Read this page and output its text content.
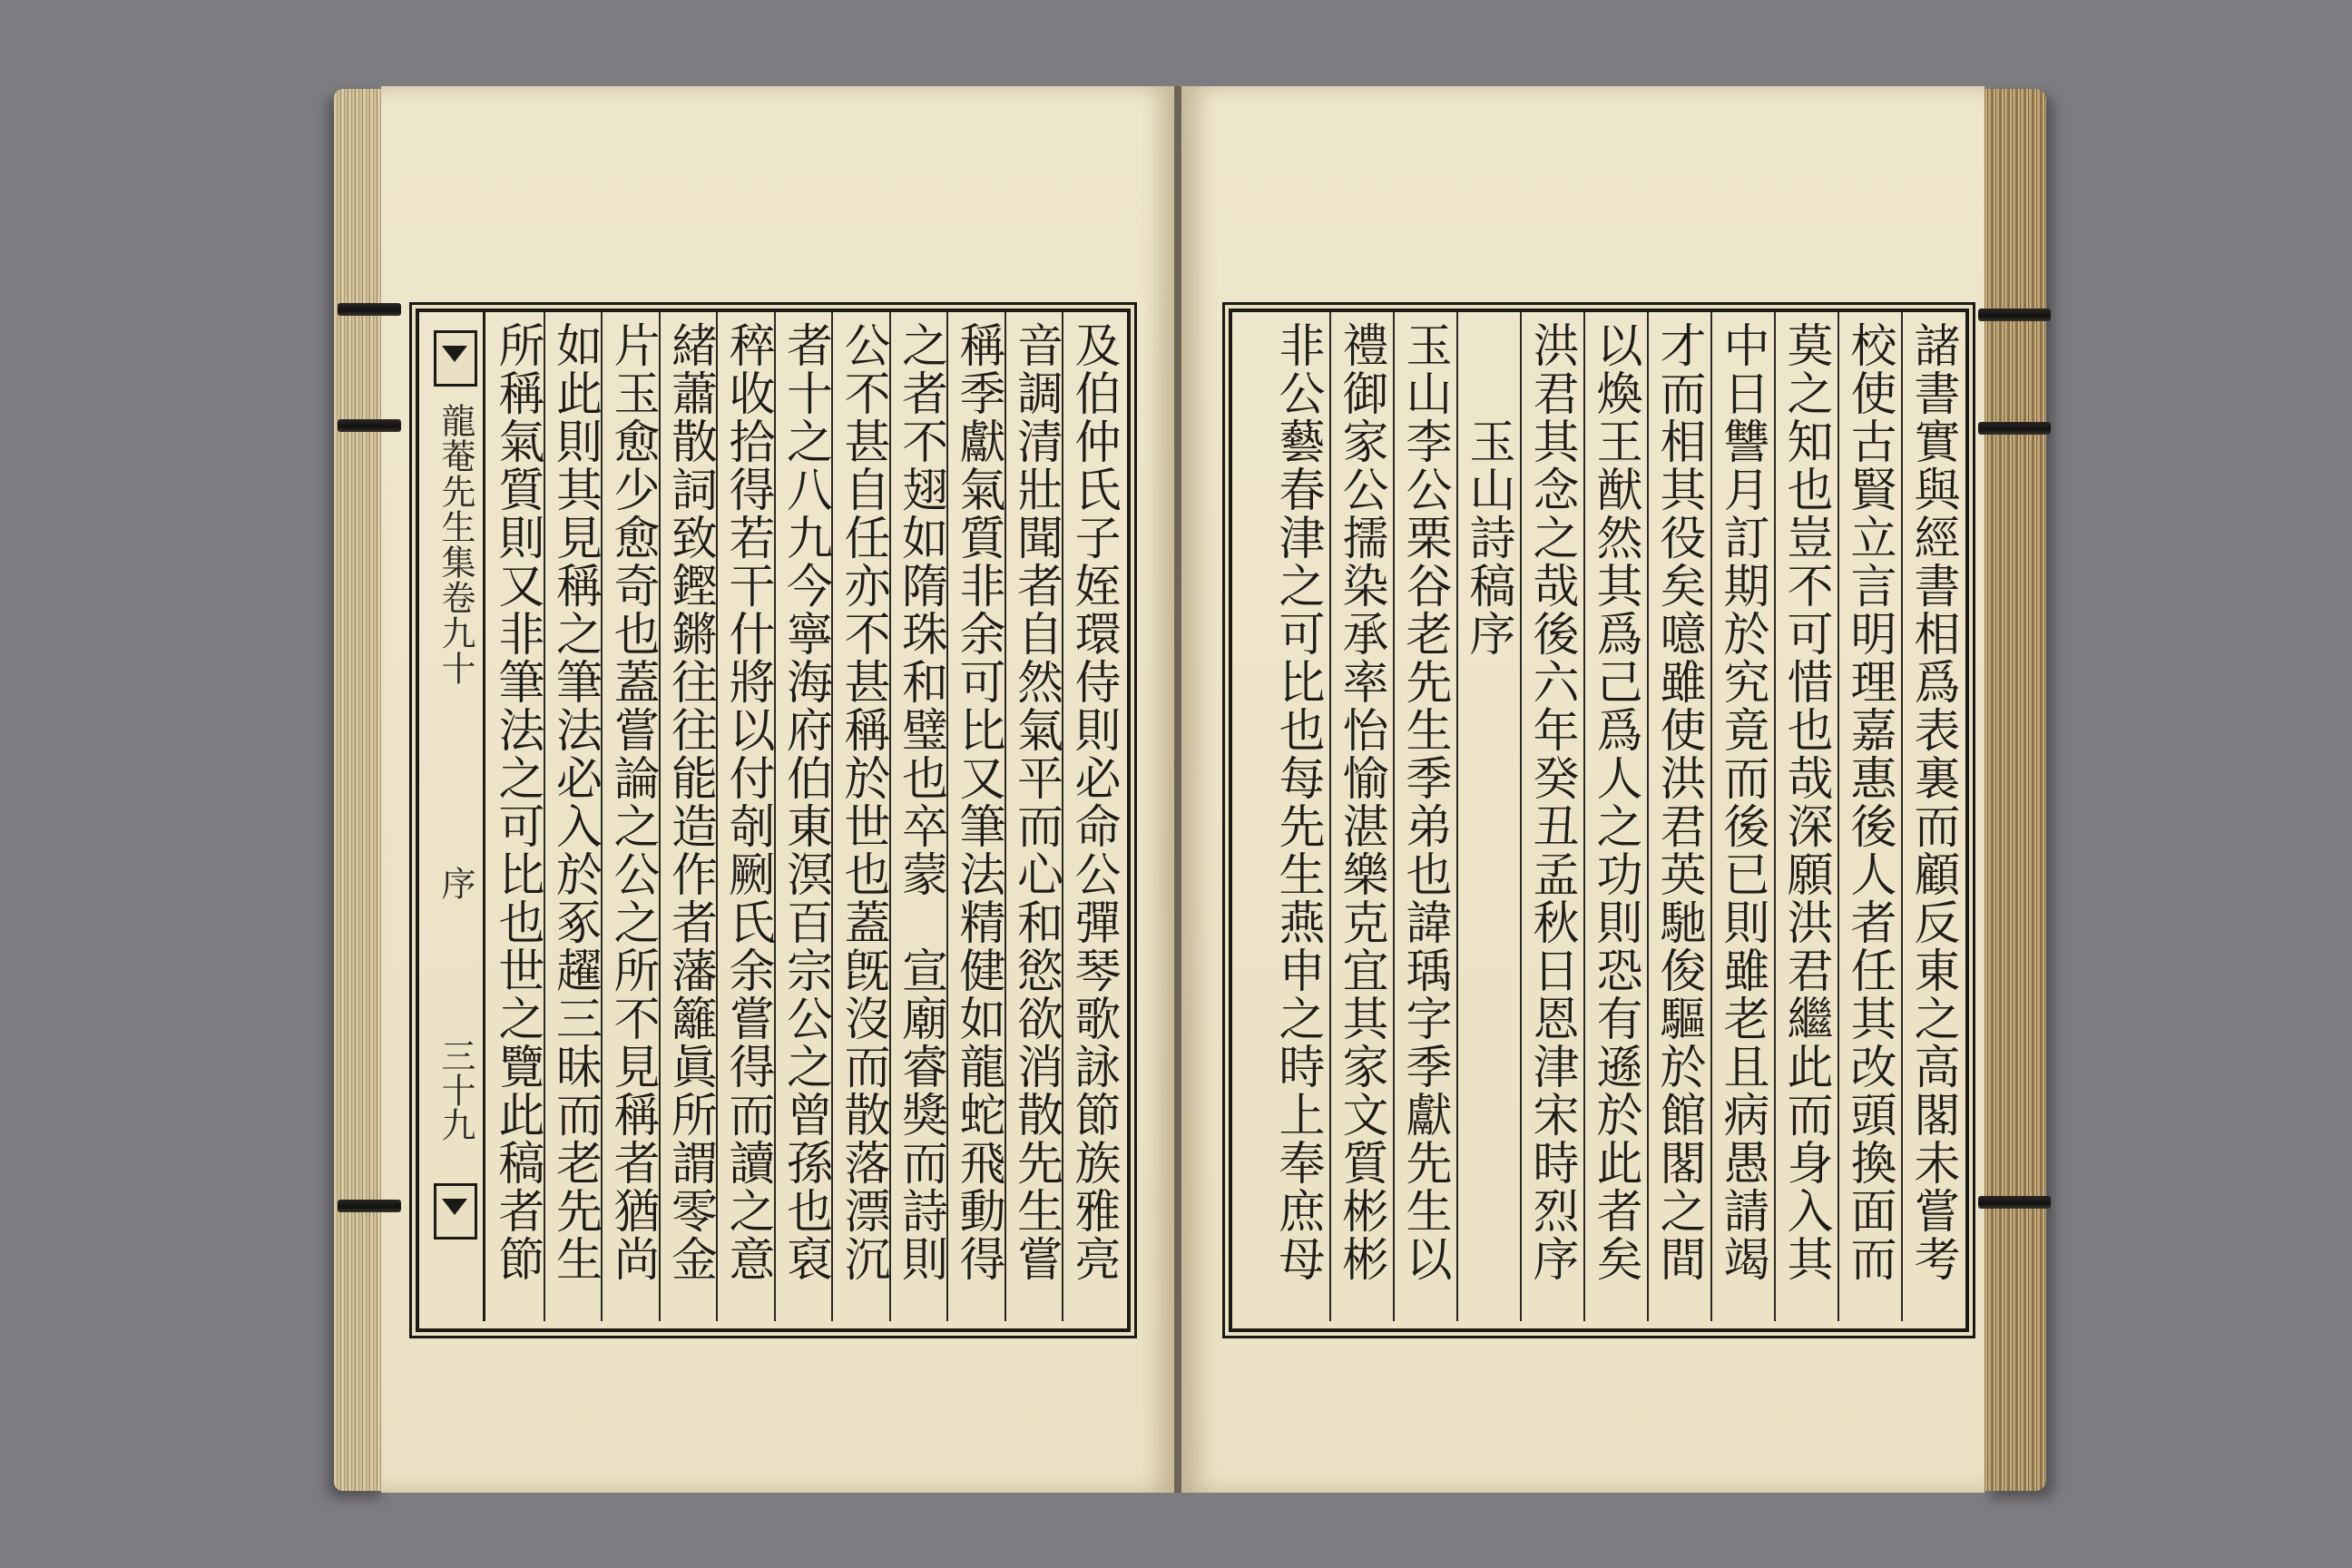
龍菴先生集卷九十
序
三十九	及伯仲氏子姪環侍則必命公彈琴歌詠節族雅亮
音調清壯聞者自然氣平而心和慾欲消散先生嘗
稱季獻氣質非余可比又筆法精健如龍蛇飛動得
之者不翅如隋珠和璧也卒蒙　宣廟睿獎而詩則
公不甚自任亦不甚稱於世也蓋旣沒而散落漂沉
者十之八九今寧海府伯東溟百宗公之曾孫也裒
稡收拾得若干什將以付剞劂氏余嘗得而讀之意
緒蕭散詞致鏗鏘往往能造作者藩籬眞所謂零金
片玉愈少愈奇也蓋嘗論之公之所不見稱者猶尚
如此則其見稱之筆法必入於豖趯三昧而老先生
所稱氣質則又非筆法之可比也世之覽此稿者節	諸書實與經書相爲表裏而顧反東之高閣未嘗考
校使古賢立言明理嘉惠後人者任其改頭換面而
莫之知也豈不可惜也哉深願洪君繼此而身入其
中日讐月訂期於究竟而後已則雖老且病愚請竭
才而相其役矣噫雖使洪君英馳俊驅於館閣之間
以煥王猷然其爲己爲人之功則恐有遜於此者矣
洪君其念之哉後六年癸丑孟秋日恩津宋時烈序
　　玉山詩稿序
玉山李公栗谷老先生季弟也諱瑀字季獻先生以
禮御家公擩染承率怡愉湛樂克宜其家文質彬彬
非公藝春津之可比也每先生燕申之時上奉庶母
